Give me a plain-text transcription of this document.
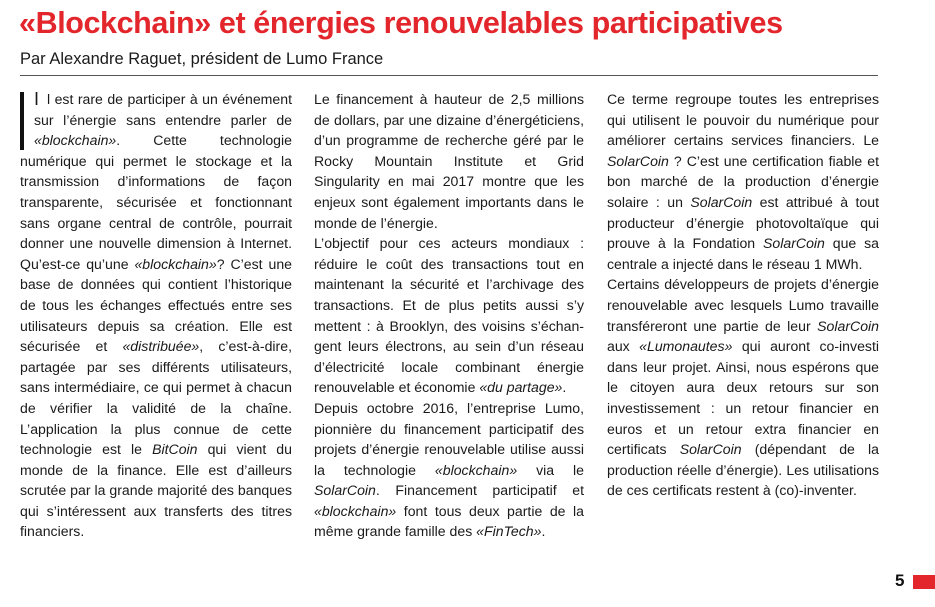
«Blockchain» et énergies renouvelables participatives
Par Alexandre Raguet, président de Lumo France

I l est rare de participer à un événement sur l’énergie sans entendre parler de «blockchain». Cette technologie numérique qui permet le stockage et la transmission d’informations de façon transparente, sécurisée et fonctionnant sans organe central de contrôle, pourrait donner une nouvelle dimension à Internet. Qu’est-ce qu’une «blockchain»? C’est une base de données qui contient l’historique de tous les échanges effectués entre ses utilisateurs depuis sa création. Elle est sécurisée et «distribuée», c’est-à-dire, partagée par ses différents utilisateurs, sans intermédiaire, ce qui permet à chacun de vérifier la validité de la chaîne. L’application la plus connue de cette technologie est le BitCoin qui vient du monde de la finance. Elle est d’ailleurs scrutée par la grande majorité des banques qui s’intéressent aux transferts des titres financiers.

Le financement à hauteur de 2,5 millions de dollars, par une dizaine d’énergéticiens, d’un programme de recherche géré par le Rocky Mountain Institute et Grid Singularity en mai 2017 montre que les enjeux sont également importants dans le monde de l’énergie.

L’objectif pour ces acteurs mondiaux : réduire le coût des transactions tout en maintenant la sécurité et l’archivage des transactions. Et de plus petits aussi s’y mettent : à Brooklyn, des voisins s’échangent leurs électrons, au sein d’un réseau d’électricité locale combinant énergie renouvelable et économie «du partage».

Depuis octobre 2016, l’entreprise Lumo, pionnière du financement participatif des projets d’énergie renouvelable utilise aussi la technologie «blockchain» via le SolarCoin. Financement participatif et «blockchain» font tous deux partie de la même grande famille des «FinTech».

Ce terme regroupe toutes les entreprises qui utilisent le pouvoir du numérique pour améliorer certains services financiers. Le SolarCoin ? C’est une certification fiable et bon marché de la production d’énergie solaire : un SolarCoin est attribué à tout producteur d’énergie photovoltaïque qui prouve à la Fondation SolarCoin que sa centrale a injecté dans le réseau 1 MWh.

Certains développeurs de projets d’énergie renouvelable avec lesquels Lumo travaille transféreront une partie de leur SolarCoin aux «Lumonautes» qui auront co-investi dans leur projet. Ainsi, nous espérons que le citoyen aura deux retours sur son investissement : un retour financier en euros et un retour extra financier en certificats SolarCoin (dépendant de la production réelle d’énergie). Les utilisations de ces certificats restent à (co)-inventer.

5
